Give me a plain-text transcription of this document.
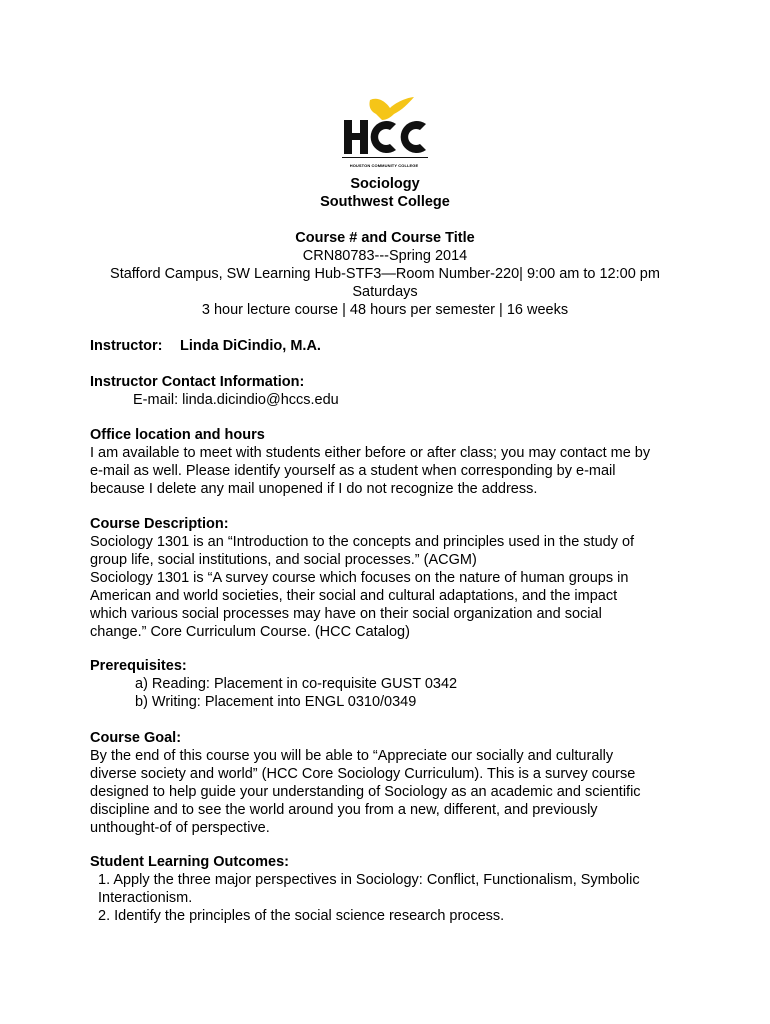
HOUSTON COMMUNITY COLLEGE
Sociology
Southwest College
Course # and Course Title
CRN80783---Spring 2014
Stafford Campus, SW Learning Hub-STF3—Room Number-220| 9:00 am to 12:00 pm
Saturdays
3 hour lecture course | 48 hours per semester | 16 weeks
Instructor: Linda DiCindio, M.A.
Instructor Contact Information:
E-mail: linda.dicindio@hccs.edu
Office location and hours
I am available to meet with students either before or after class; you may contact me by
e-mail as well. Please identify yourself as a student when corresponding by e-mail
because I delete any mail unopened if I do not recognize the address.
Course Description:
Sociology 1301 is an “Introduction to the concepts and principles used in the study of
group life, social institutions, and social processes.” (ACGM)
Sociology 1301 is “A survey course which focuses on the nature of human groups in
American and world societies, their social and cultural adaptations, and the impact
which various social processes may have on their social organization and social
change.” Core Curriculum Course. (HCC Catalog)
Prerequisites:
a) Reading: Placement in co-requisite GUST 0342
b) Writing: Placement into ENGL 0310/0349
Course Goal:
By the end of this course you will be able to “Appreciate our socially and culturally
diverse society and world” (HCC Core Sociology Curriculum). This is a survey course
designed to help guide your understanding of Sociology as an academic and scientific
discipline and to see the world around you from a new, different, and previously
unthought-of of perspective.
Student Learning Outcomes:
1. Apply the three major perspectives in Sociology: Conflict, Functionalism, Symbolic
Interactionism.
2. Identify the principles of the social science research process.
